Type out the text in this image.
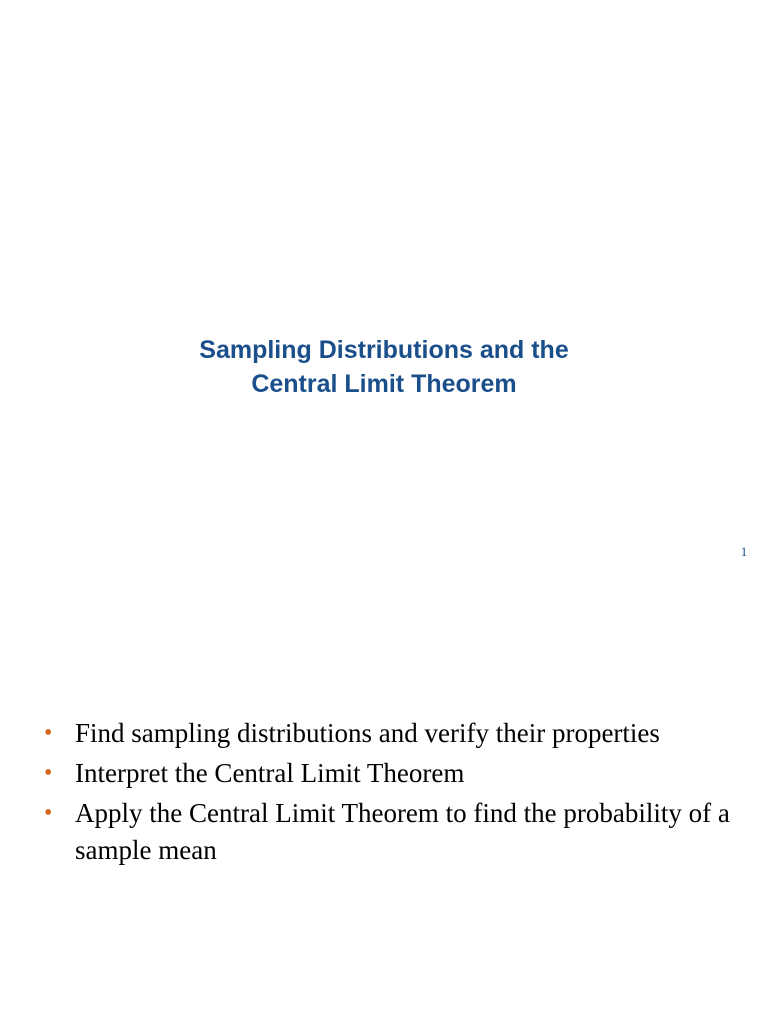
Sampling Distributions and the
Central Limit Theorem
1
• Find sampling distributions and verify their properties
• Interpret the Central Limit Theorem
• Apply the Central Limit Theorem to find the probability of a sample mean
